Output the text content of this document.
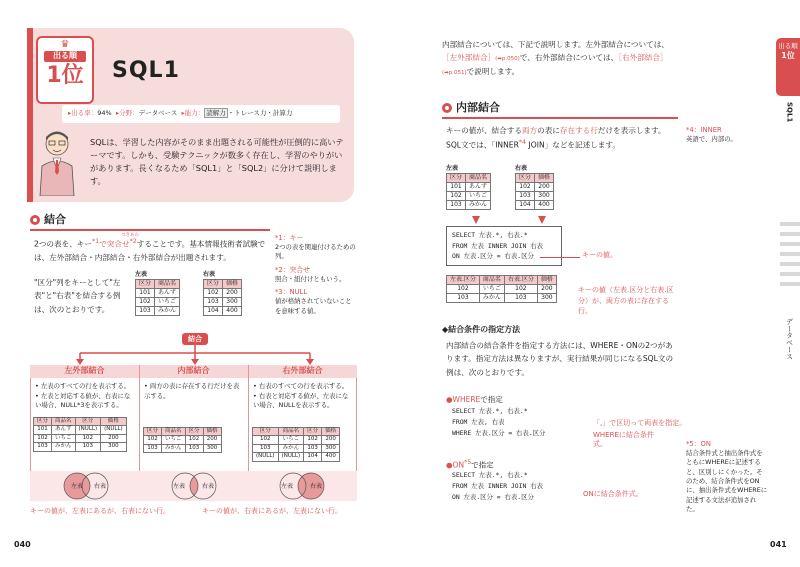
♛
出る順
1位	SQL1
▸出る率：94% ▸分野：データベース ▸能力： 読解力 ・トレース力・計算力
SQLは、学習した内容がそのまま出題される可能性が圧倒的に高いテーマです。しかも、受験テクニックが数多く存在し、学習のやりがいがあります。長くなるため「SQL1」と「SQL2」に分けて説明します。
結合
2つの表を、キー$^{*1}$で突合せ$^{*2}$することです。基本情報技術者試験では、左外部結合・内部結合・右外部結合が出題されます。
つきあわ
"区分"列をキーとして"左表"と"右表"を結合する例は、次のとおりです。
*1：キー
2つの表を関連付けるための列。
*2：突合せ
照合・紐付けともいう。
*3：NULL
値が格納されていないことを意味する値。
左表
区分	商品名
101	あんず
102	いちご
103	みかん
右表
区分	価格
102	200
103	300
104	400
結合
左外部結合	内部結合	右外部結合
• 左表のすべての行を表示する。
• 左表と対応する値が、右表にない場合、NULL*3を表示する。
• 両方の表に存在する行だけを表示する。
• 右表のすべての行を表示する。
• 右表と対応する値が、左表にない場合、NULLを表示する。
区分	商品名	区分	価格
101	あんず	(NULL)	(NULL)
102	いちご	102	200
103	みかん	103	300
区分	商品名	区分	価格
102	いちご	102	200
103	みかん	103	300
区分	商品名	区分	価格
102	いちご	102	200
103	みかん	103	300
(NULL)	(NULL)	104	400
左表 右表	左表	右表	左表	右表
キーの値が、左表にあるが、右表にない行。	キーの値が、右表にあるが、左表にない行。
040
内部結合については、下記で説明します。左外部結合については、［左外部結合］(➡p.050)で、右外部結合については、［右外部結合］(➡p.051)で説明します。
内部結合
キーの値が、結合する両方の表に存在する行だけを表示します。SQL文では、「INNER$^{*4}$ JOIN」などを記述します。
*4：INNER
英語で、内部の。
左表
区分	商品名
101	あんず
102	いちご
103	みかん
右表
区分	価格
102	200
103	300
104	400
SELECT 左表.*, 右表.*
FROM 左表 INNER JOIN 右表
ON 左表.区分 = 右表.区分	キーの値。
左表.区分	商品名	右表.区分	価格
102	いちご	102	200
103	みかん	103	300
キーの値（左表.区分と右表.区分）が、両方の表に存在する行。
◆結合条件の指定方法
内部結合の結合条件を指定する方法には、WHERE・ONの2つがあります。指定方法は異なりますが、実行結果が同じになるSQL文の例は、次のとおりです。
●WHEREで指定
SELECT 左表.*, 右表.*
FROM 左表, 右表
WHERE 左表.区分 = 右表.区分
「,」で区切って両表を指定。
WHEREに結合条件式。
●ON$^{*5}$で指定
SELECT 左表.*, 右表.*
FROM 左表 INNER JOIN 右表
ON 左表.区分 = 右表.区分	ONに結合条件式。
*5：ON
結合条件式と抽出条件式をともにWHEREに記述すると、区別しにくかった。そのため、結合条件式をONに、抽出条件式をWHEREに記述する文法が追加された。
出る順
1位
SQL1
データベース
041
